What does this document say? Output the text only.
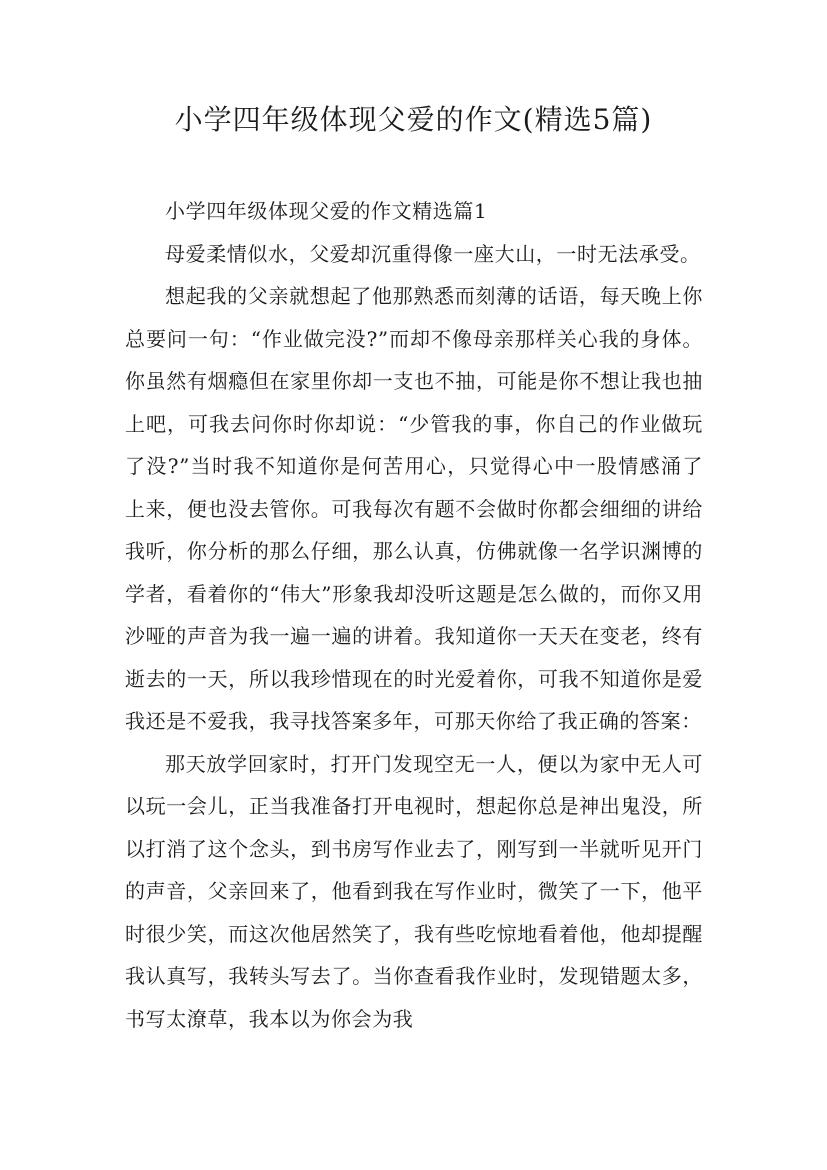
小学四年级体现父爱的作文(精选5篇)
小学四年级体现父爱的作文精选篇1

母爱柔情似水，父爱却沉重得像一座大山，一时无法承受。

想起我的父亲就想起了他那熟悉而刻薄的话语，每天晚上你总要问一句：“作业做完没?”而却不像母亲那样关心我的身体。你虽然有烟瘾但在家里你却一支也不抽，可能是你不想让我也抽上吧，可我去问你时你却说：“少管我的事，你自己的作业做玩了没?”当时我不知道你是何苦用心，只觉得心中一股情感涌了上来，便也没去管你。可我每次有题不会做时你都会细细的讲给我听，你分析的那么仔细，那么认真，仿佛就像一名学识渊博的学者，看着你的“伟大”形象我却没听这题是怎么做的，而你又用沙哑的声音为我一遍一遍的讲着。我知道你一天天在变老，终有逝去的一天，所以我珍惜现在的时光爱着你，可我不知道你是爱我还是不爱我，我寻找答案多年，可那天你给了我正确的答案：

那天放学回家时，打开门发现空无一人，便以为家中无人可以玩一会儿，正当我准备打开电视时，想起你总是神出鬼没，所以打消了这个念头，到书房写作业去了，刚写到一半就听见开门的声音，父亲回来了，他看到我在写作业时，微笑了一下，他平时很少笑，而这次他居然笑了，我有些吃惊地看着他，他却提醒我认真写，我转头写去了。当你查看我作业时，发现错题太多，书写太潦草，我本以为你会为我
